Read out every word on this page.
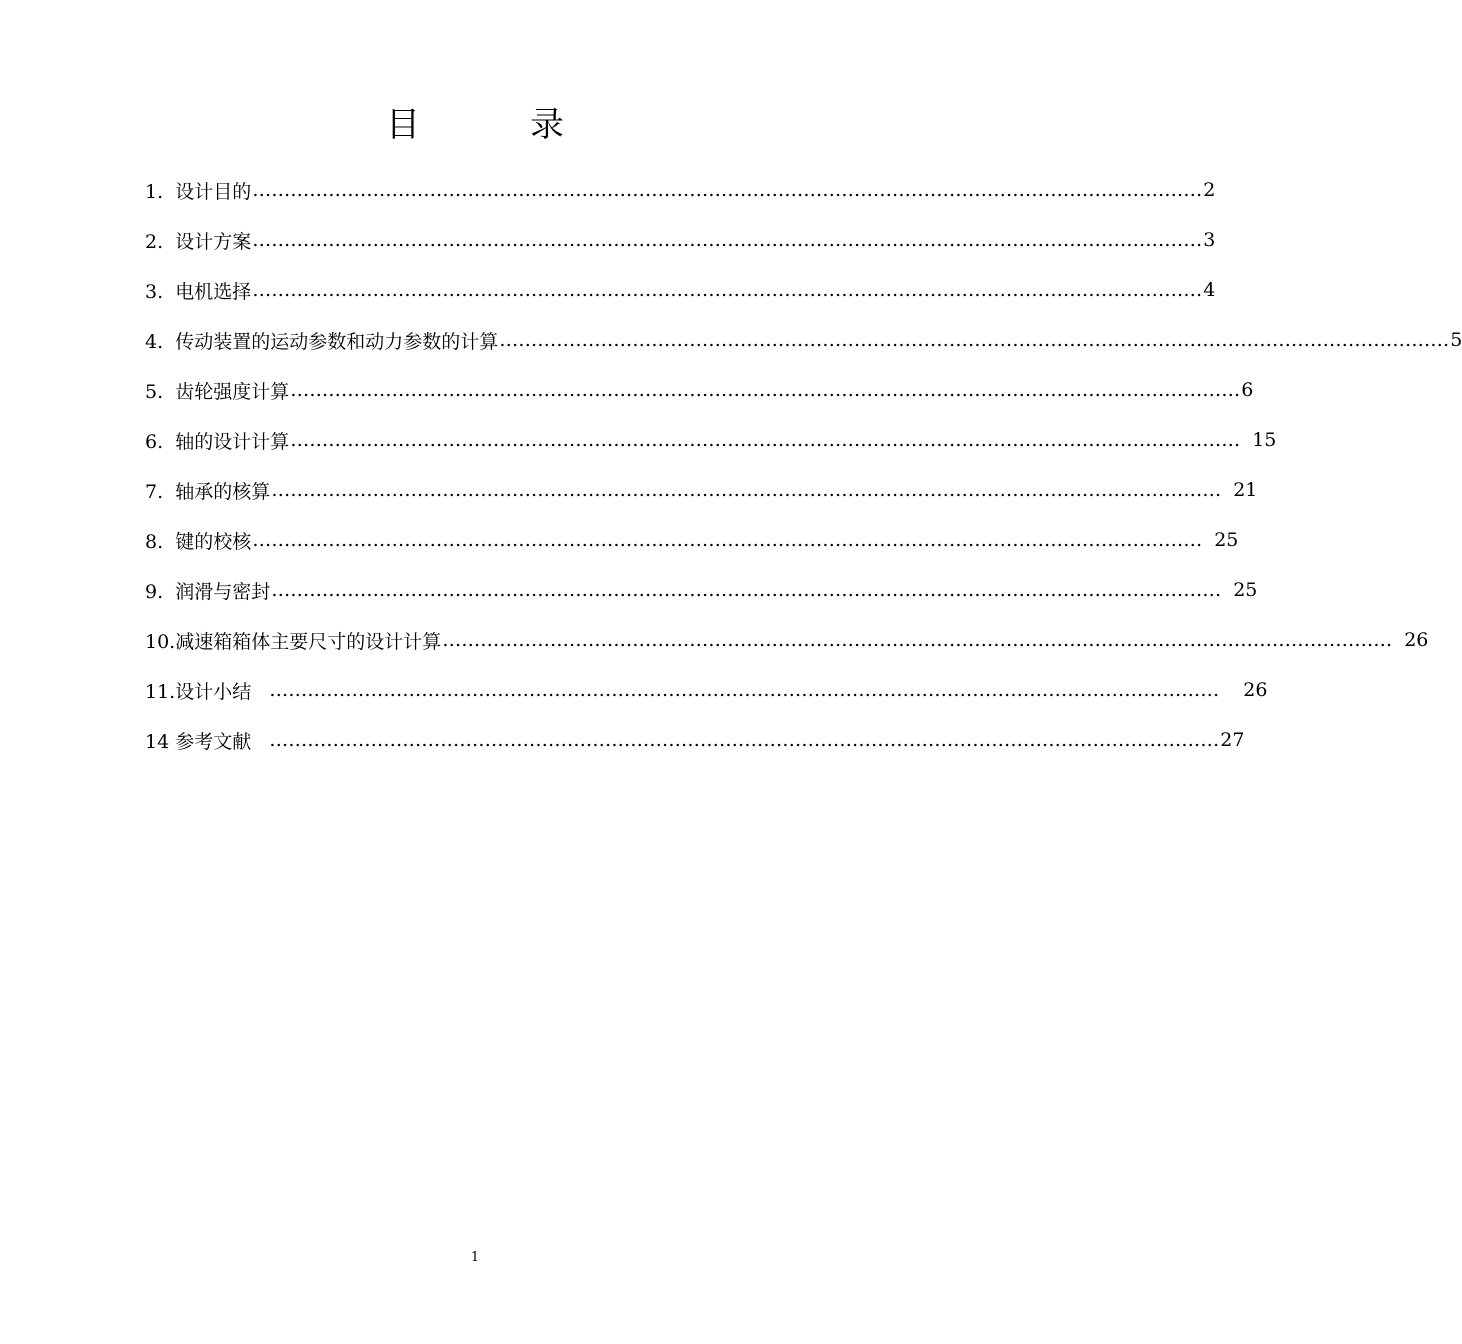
目	录
1.  设计目的 …………………………………………………………………………………………………………………………………… 2
2.  设计方案 …………………………………………………………………………………………………………………………………… 3
3.  电机选择 …………………………………………………………………………………………………………………………………… 4
4.  传动装置的运动参数和动力参数的计算 …………………………………………………………………………………………………………………………………… 5
5.  齿轮强度计算 …………………………………………………………………………………………………………………………………… 6
6.  轴的设计计算 …………………………………………………………………………………………………………………………………… 15
7.  轴承的核算 …………………………………………………………………………………………………………………………………… 21
8.  键的校核 …………………………………………………………………………………………………………………………………… 25
9.  润滑与密封 …………………………………………………………………………………………………………………………………… 25
10.减速箱箱体主要尺寸的设计计算 …………………………………………………………………………………………………………………………………… 26
11.设计小结 …………………………………………………………………………………………………………………………………… 26
14 参考文献 …………………………………………………………………………………………………………………………………… 27
1
